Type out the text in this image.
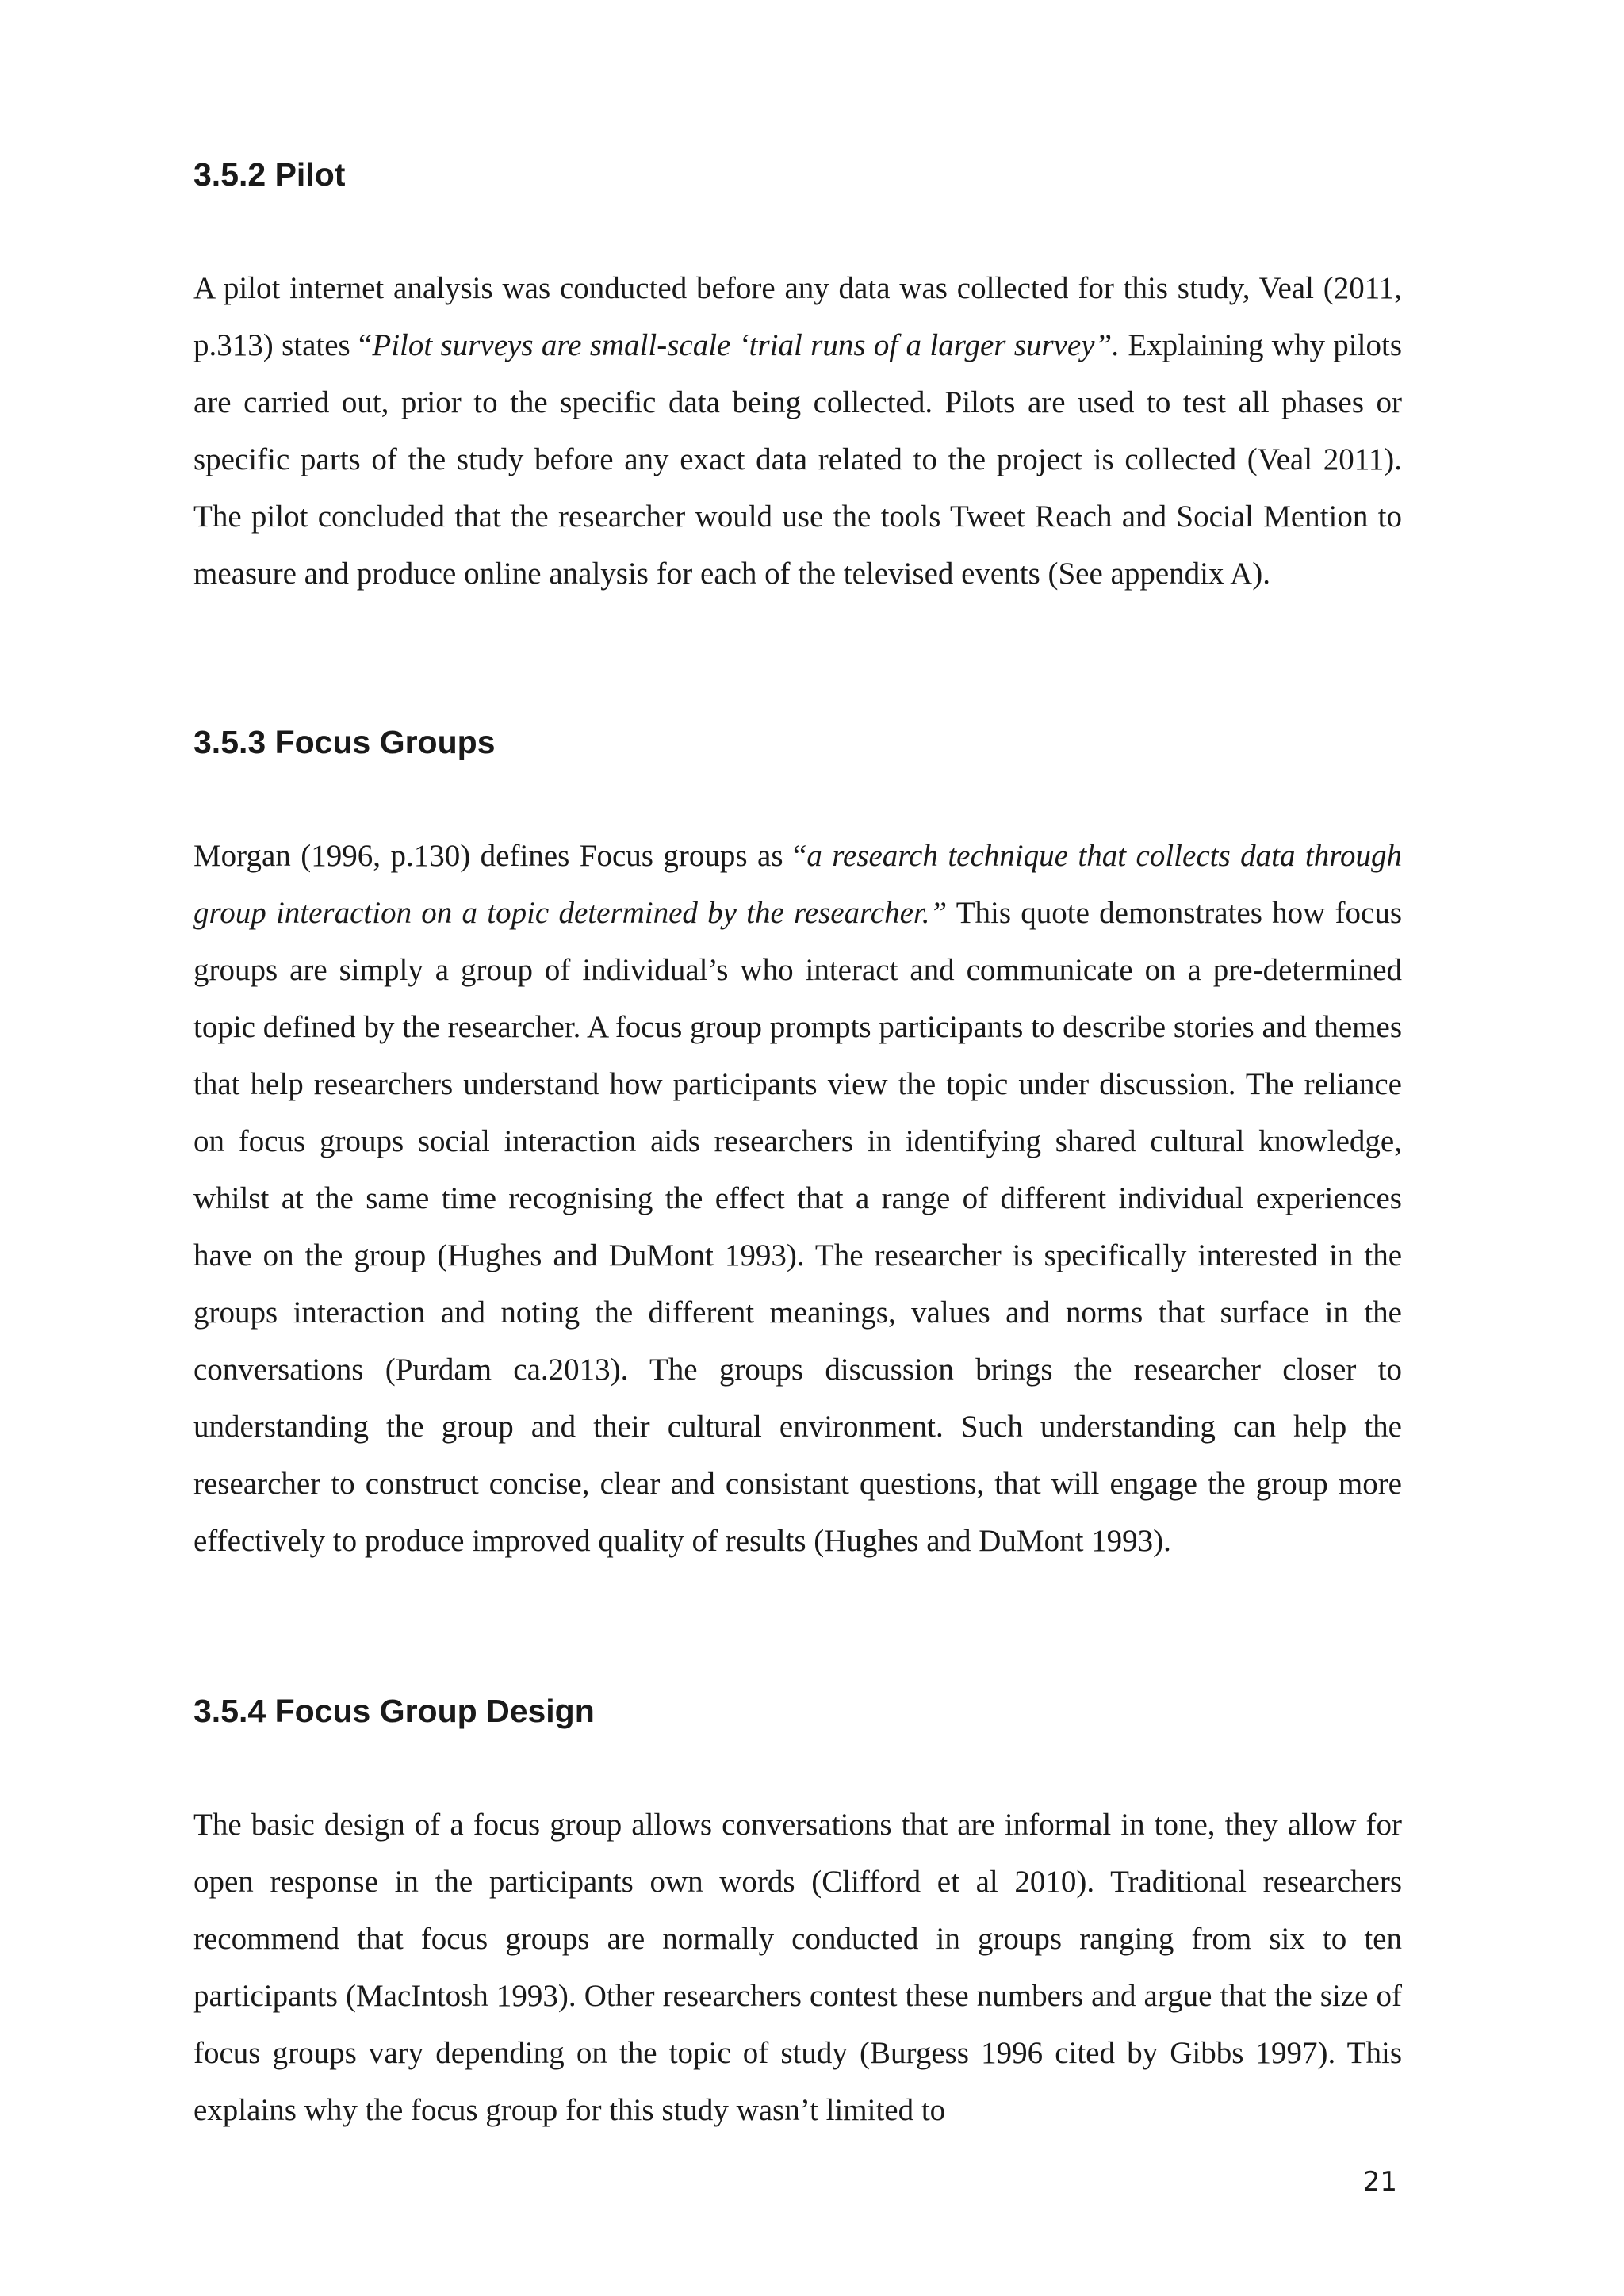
3.5.2 Pilot

A pilot internet analysis was conducted before any data was collected for this study, Veal (2011, p.313) states “Pilot surveys are small-scale ‘trial runs of a larger survey”. Explaining why pilots are carried out, prior to the specific data being collected. Pilots are used to test all phases or specific parts of the study before any exact data related to the project is collected (Veal 2011). The pilot concluded that the researcher would use the tools Tweet Reach and Social Mention to measure and produce online analysis for each of the televised events (See appendix A).

3.5.3 Focus Groups

Morgan (1996, p.130) defines Focus groups as “a research technique that collects data through group interaction on a topic determined by the researcher.” This quote demonstrates how focus groups are simply a group of individual’s who interact and communicate on a pre-determined topic defined by the researcher. A focus group prompts participants to describe stories and themes that help researchers understand how participants view the topic under discussion. The reliance on focus groups social interaction aids researchers in identifying shared cultural knowledge, whilst at the same time recognising the effect that a range of different individual experiences have on the group (Hughes and DuMont 1993). The researcher is specifically interested in the groups interaction and noting the different meanings, values and norms that surface in the conversations (Purdam ca.2013). The groups discussion brings the researcher closer to understanding the group and their cultural environment. Such understanding can help the researcher to construct concise, clear and consistant questions, that will engage the group more effectively to produce improved quality of results (Hughes and DuMont 1993).

3.5.4 Focus Group Design

The basic design of a focus group allows conversations that are informal in tone, they allow for open response in the participants own words (Clifford et al 2010). Traditional researchers recommend that focus groups are normally conducted in groups ranging from six to ten participants (MacIntosh 1993). Other researchers contest these numbers and argue that the size of focus groups vary depending on the topic of study (Burgess 1996 cited by Gibbs 1997). This explains why the focus group for this study wasn’t limited to

21
